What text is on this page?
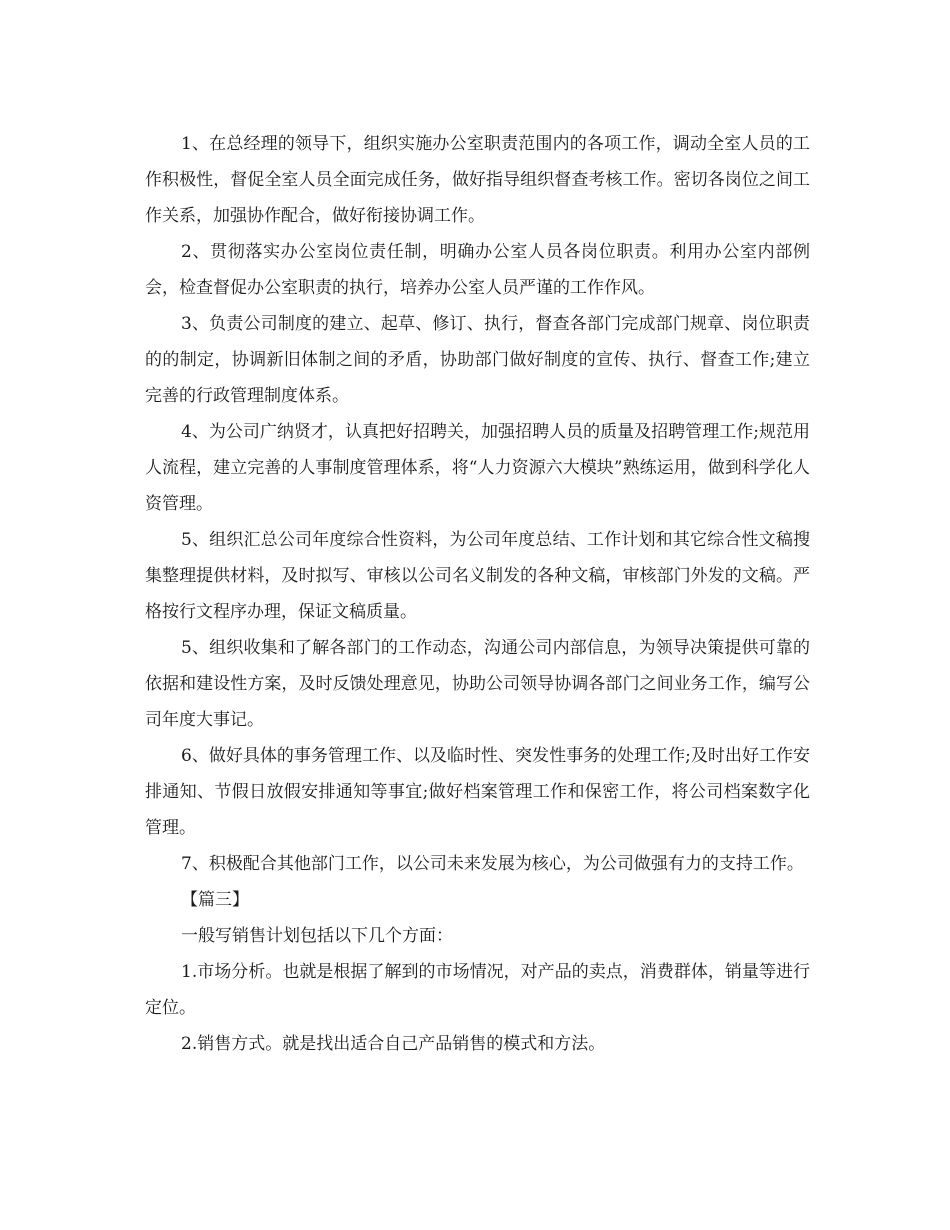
1、在总经理的领导下，组织实施办公室职责范围内的各项工作，调动全室人员的工作积极性，督促全室人员全面完成任务，做好指导组织督查考核工作。密切各岗位之间工作关系，加强协作配合，做好衔接协调工作。

2、贯彻落实办公室岗位责任制，明确办公室人员各岗位职责。利用办公室内部例会，检查督促办公室职责的执行，培养办公室人员严谨的工作作风。

3、负责公司制度的建立、起草、修订、执行，督查各部门完成部门规章、岗位职责的的制定，协调新旧体制之间的矛盾，协助部门做好制度的宣传、执行、督查工作;建立完善的行政管理制度体系。

4、为公司广纳贤才，认真把好招聘关，加强招聘人员的质量及招聘管理工作;规范用人流程，建立完善的人事制度管理体系，将“人力资源六大模块”熟练运用，做到科学化人资管理。

5、组织汇总公司年度综合性资料，为公司年度总结、工作计划和其它综合性文稿搜集整理提供材料，及时拟写、审核以公司名义制发的各种文稿，审核部门外发的文稿。严格按行文程序办理，保证文稿质量。

5、组织收集和了解各部门的工作动态，沟通公司内部信息，为领导决策提供可靠的依据和建设性方案，及时反馈处理意见，协助公司领导协调各部门之间业务工作，编写公司年度大事记。

6、做好具体的事务管理工作、以及临时性、突发性事务的处理工作;及时出好工作安排通知、节假日放假安排通知等事宜;做好档案管理工作和保密工作，将公司档案数字化管理。

7、积极配合其他部门工作，以公司未来发展为核心，为公司做强有力的支持工作。

【篇三】

一般写销售计划包括以下几个方面：

1.市场分析。也就是根据了解到的市场情况，对产品的卖点，消费群体，销量等进行定位。

2.销售方式。就是找出适合自己产品销售的模式和方法。
